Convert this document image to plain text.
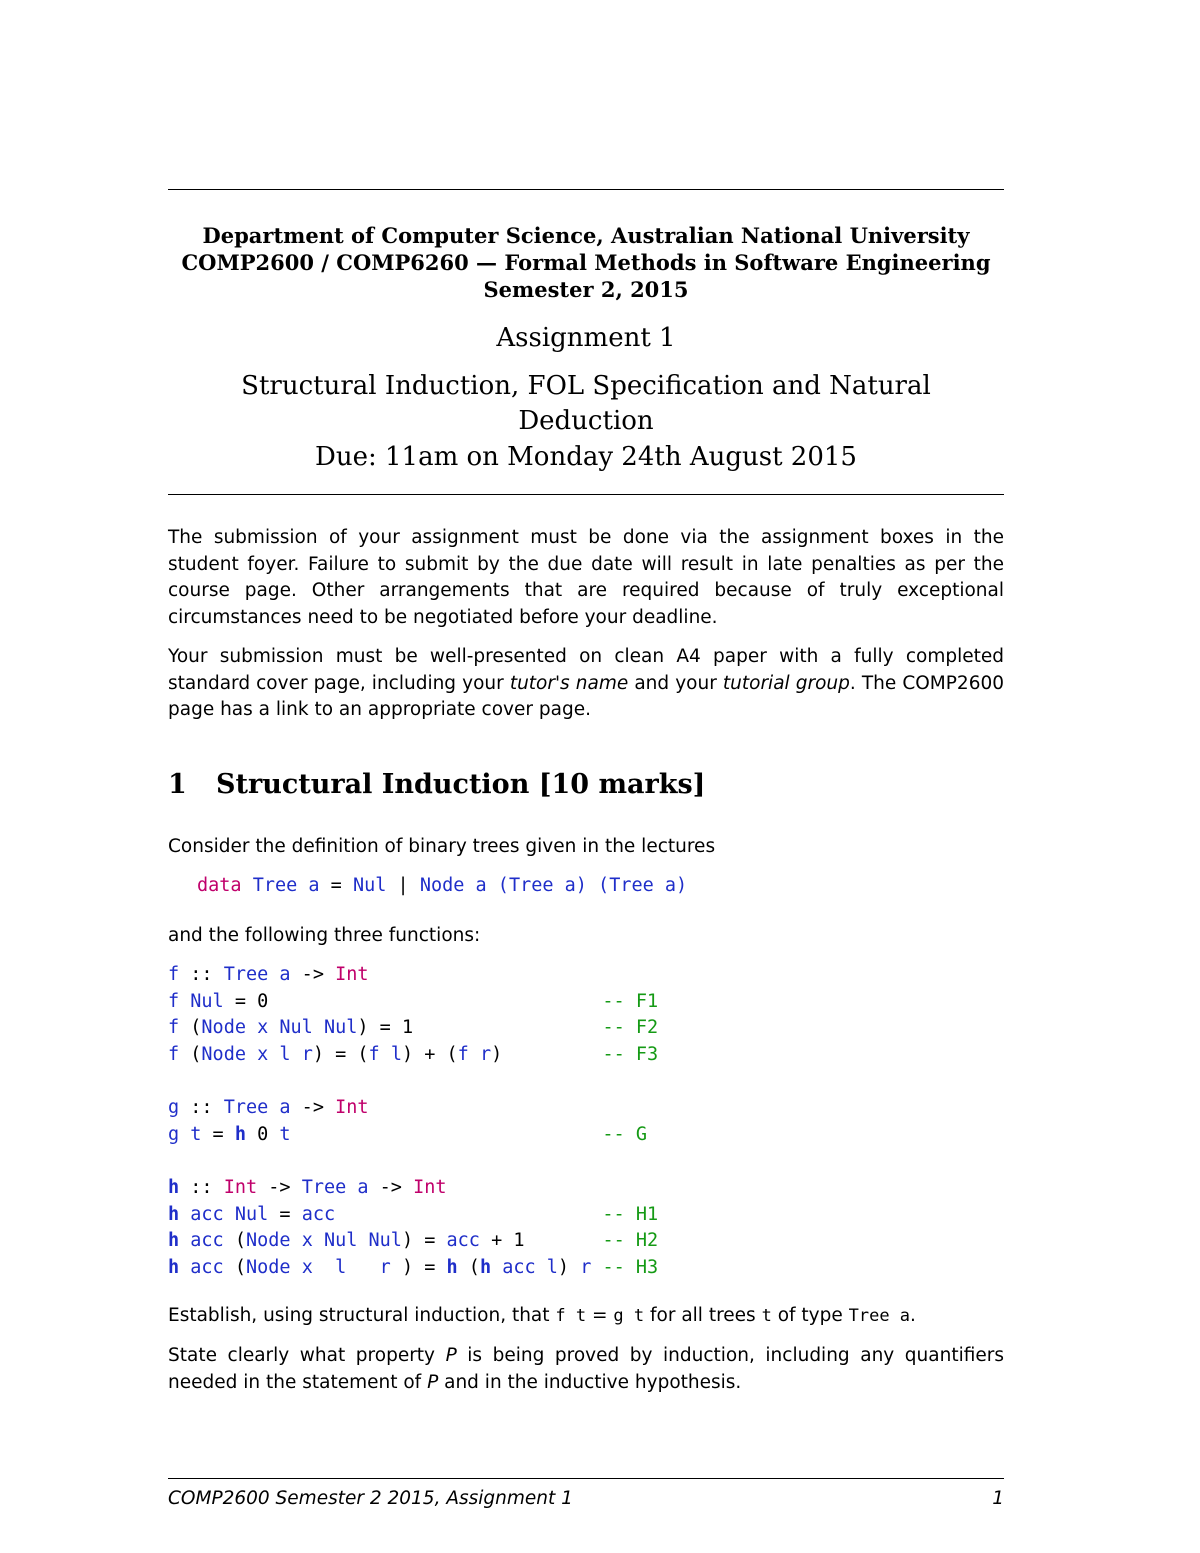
Department of Computer Science, Australian National University
COMP2600 / COMP6260 — Formal Methods in Software Engineering
Semester 2, 2015
Assignment 1
Structural Induction, FOL Specification and Natural
Deduction
Due: 11am on Monday 24th August 2015
The submission of your assignment must be done via the assignment boxes in the student foyer. Failure to submit by the due date will result in late penalties as per the course page. Other arrangements that are required because of truly exceptional circumstances need to be negotiated before your deadline.
Your submission must be well-presented on clean A4 paper with a fully completed standard cover page, including your tutor's name and your tutorial group. The COMP2600 page has a link to an appropriate cover page.
1 Structural Induction [10 marks]
Consider the definition of binary trees given in the lectures
data Tree a = Nul | Node a (Tree a) (Tree a)
and the following three functions:
f :: Tree a -> Int
f Nul = 0                              -- F1
f (Node x Nul Nul) = 1                 -- F2
f (Node x l r) = (f l) + (f r)         -- F3
g :: Tree a -> Int
g t = h 0 t	-- G
h :: Int -> Tree a -> Int
h acc Nul = acc	-- H1
h acc (Node x Nul Nul) = acc + 1       -- H2
h acc (Node x l r ) = h (h acc l) r -- H3
Establish, using structural induction, that f t = g t for all trees t of type Tree a.
State clearly what property P is being proved by induction, including any quantifiers needed in the statement of P and in the inductive hypothesis.
COMP2600 Semester 2 2015, Assignment 1	1
